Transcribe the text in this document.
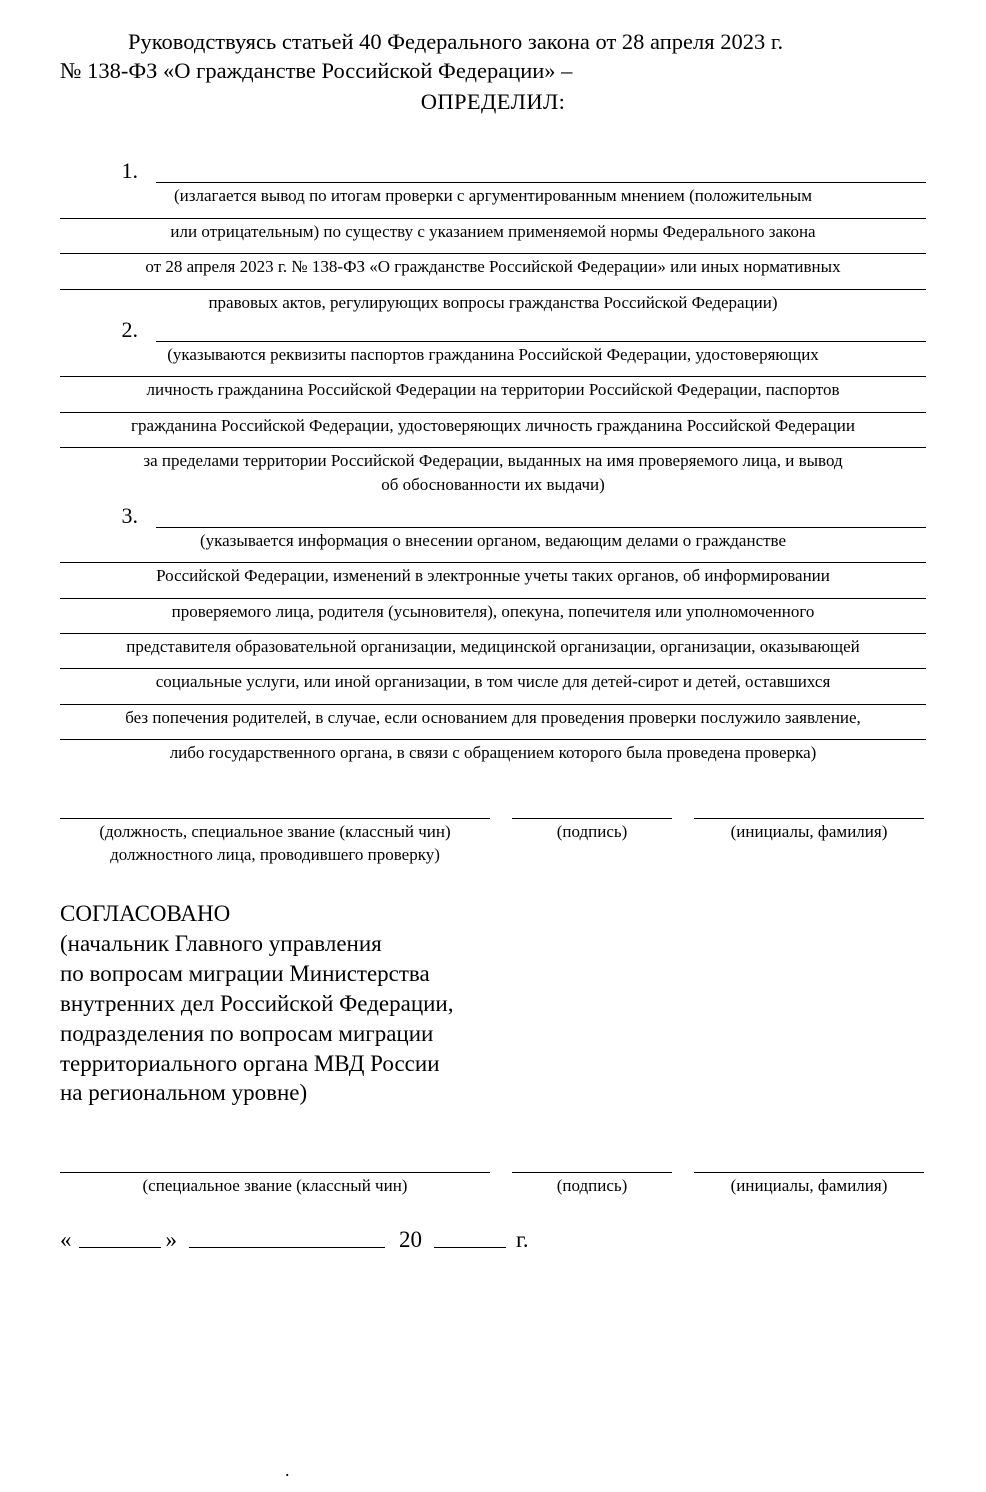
Руководствуясь статьей 40 Федерального закона от 28 апреля 2023 г.
№ 138-ФЗ «О гражданстве Российской Федерации» –
ОПРЕДЕЛИЛ:
1.
(излагается вывод по итогам проверки с аргументированным мнением (положительным
или отрицательным) по существу с указанием применяемой нормы Федерального закона
от 28 апреля 2023 г. № 138-ФЗ «О гражданстве Российской Федерации» или иных нормативных
правовых актов, регулирующих вопросы гражданства Российской Федерации)
2.
(указываются реквизиты паспортов гражданина Российской Федерации, удостоверяющих
личность гражданина Российской Федерации на территории Российской Федерации, паспортов
гражданина Российской Федерации, удостоверяющих личность гражданина Российской Федерации
за пределами территории Российской Федерации, выданных на имя проверяемого лица, и вывод
об обоснованности их выдачи)
3.
(указывается информация о внесении органом, ведающим делами о гражданстве
Российской Федерации, изменений в электронные учеты таких органов, об информировании
проверяемого лица, родителя (усыновителя), опекуна, попечителя или уполномоченного
представителя образовательной организации, медицинской организации, организации, оказывающей
социальные услуги, или иной организации, в том числе для детей-сирот и детей, оставшихся
без попечения родителей, в случае, если основанием для проведения проверки послужило заявление,
либо государственного органа, в связи с обращением которого была проведена проверка)
(должность, специальное звание (классный чин)
должностного лица, проводившего проверку)
(подпись)	(инициалы, фамилия)
СОГЛАСОВАНО
(начальник Главного управления
по вопросам миграции Министерства
внутренних дел Российской Федерации,
подразделения по вопросам миграции
территориального органа МВД России
на региональном уровне)
(специальное звание (классный чин)	(подпись)	(инициалы, фамилия)
«	»	20	г.
.
